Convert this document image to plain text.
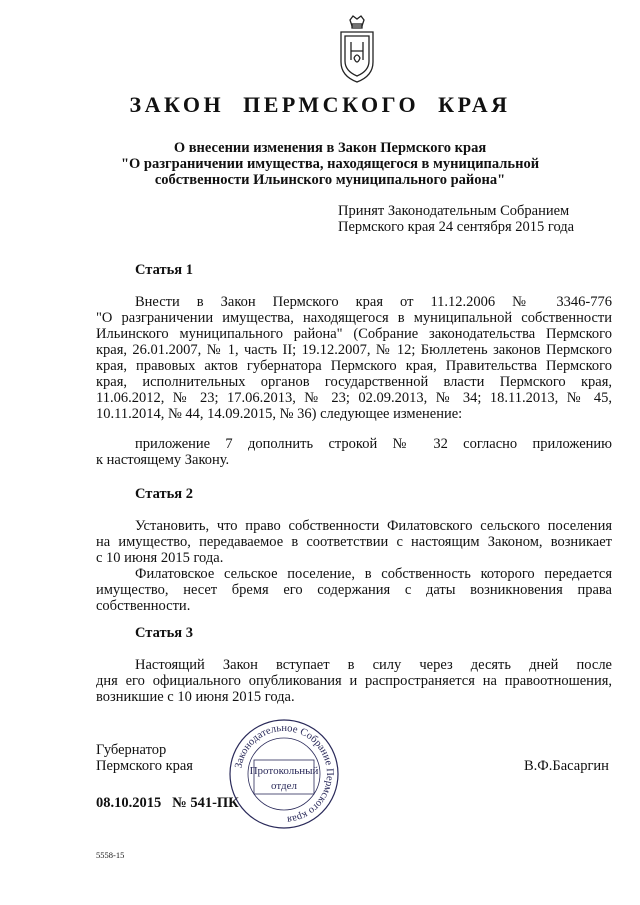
ЗАКОН ПЕРМСКОГО КРАЯ
О внесении изменения в Закон Пермского края
"О разграничении имущества, находящегося в муниципальной
собственности Ильинского муниципального района"
Принят Законодательным Собранием
Пермского края 24 сентября 2015 года
Статья 1
Внести в Закон Пермского края от 11.12.2006 № 3346-776
"О разграничении имущества, находящегося в муниципальной собственности
Ильинского муниципального района" (Собрание законодательства Пермского
края, 26.01.2007, № 1, часть II; 19.12.2007, № 12; Бюллетень законов Пермского
края, правовых актов губернатора Пермского края, Правительства Пермского
края, исполнительных органов государственной власти Пермского края,
11.06.2012, № 23; 17.06.2013, № 23; 02.09.2013, № 34; 18.11.2013, № 45,
10.11.2014, № 44, 14.09.2015, № 36) следующее изменение:
приложение 7 дополнить строкой № 32 согласно приложению
к настоящему Закону.
Статья 2
Установить, что право собственности Филатовского сельского поселения
на имущество, передаваемое в соответствии с настоящим Законом, возникает
с 10 июня 2015 года.
Филатовское сельское поселение, в собственность которого передается
имущество, несет бремя его содержания с даты возникновения права
собственности.
Статья 3
Настоящий Закон вступает в силу через десять дней после
дня его официального опубликования и распространяется на правоотношения,
возникшие с 10 июня 2015 года.
Губернатор
Пермского края	В.Ф.Басаргин
08.10.2015   № 541-ПК
Законодательное Собрание Пермского края
Протокольный
отдел
5558-15
